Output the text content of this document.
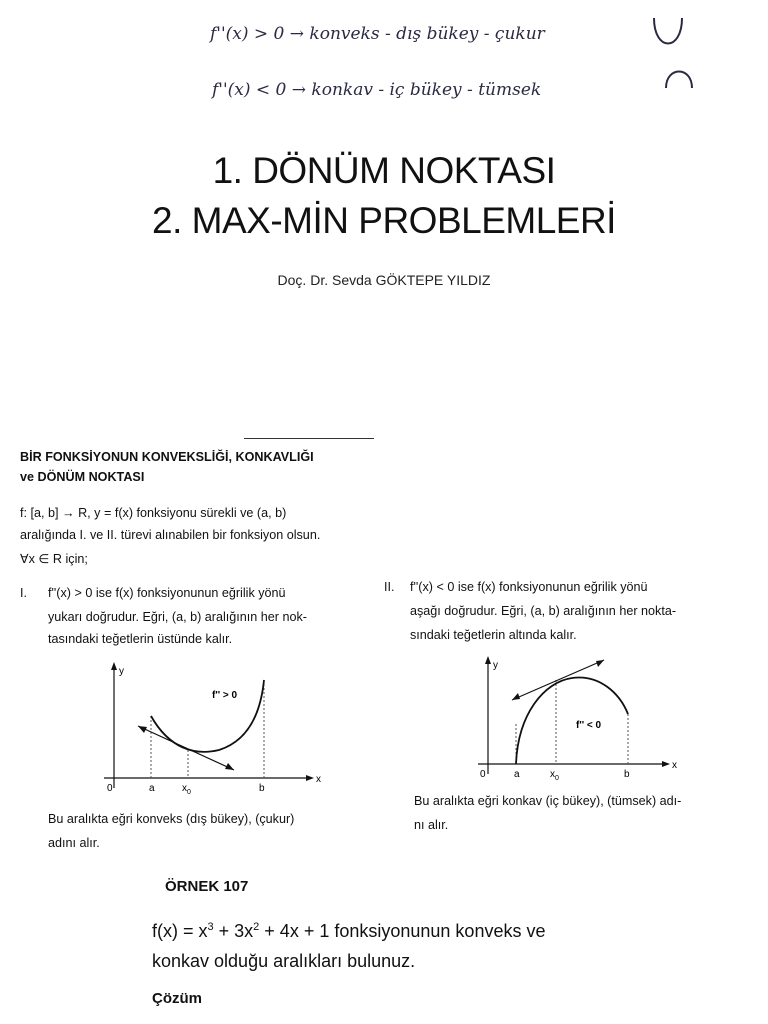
f''(x) > 0 → konveks - dış bükey - çukur
f''(x) < 0 → konkav - iç bükey - tümsek
1. DÖNÜM NOKTASI
2. MAX-MİN PROBLEMLERİ
Doç. Dr. Sevda GÖKTEPE YILDIZ
BİR FONKSİYONUN KONVEKSLİĞİ, KONKAVLIĞI
ve DÖNÜM NOKTASI
f: [a, b] → R, y = f(x) fonksiyonu sürekli ve (a, b)
aralığında I. ve II. türevi alınabilen bir fonksiyon olsun.
∀x ∈ R için;
I. f''(x) > 0 ise f(x) fonksiyonunun eğrilik yönü
yukarı doğrudur. Eğri, (a, b) aralığının her nok-
tasındaki teğetlerin üstünde kalır.
y
x
0	a	$x_0$	b
f'' > 0
Bu aralıkta eğri konveks (dış bükey), (çukur)
adını alır.
II. f''(x) < 0 ise f(x) fonksiyonunun eğrilik yönü
aşağı doğrudur. Eğri, (a, b) aralığının her nokta-
sındaki teğetlerin altında kalır.
y
x
0	a	$x_0$	b
f'' < 0
Bu aralıkta eğri konkav (iç bükey), (tümsek) adı-
nı alır.
ÖRNEK 107
$f(x) = x^3 + 3x^2 + 4x + 1$ fonksiyonunun konveks ve
konkav olduğu aralıkları bulunuz.
Çözüm
